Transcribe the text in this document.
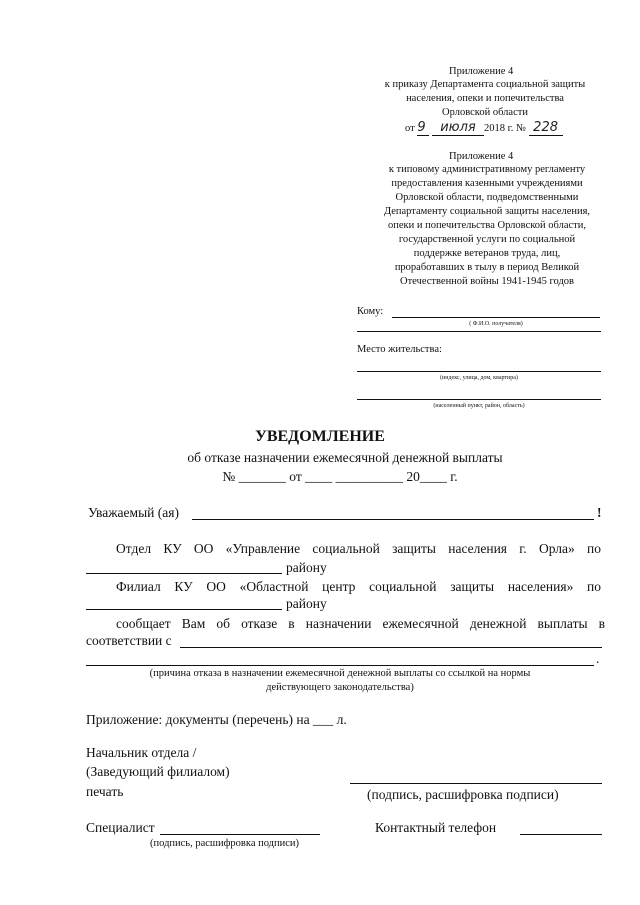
Приложение 4
к приказу Департамента социальной защиты
населения, опеки и попечительства
Орловской области
от 9 июля 2018 г. № 228
Приложение 4
к типовому административному регламенту
предоставления казенными учреждениями
Орловской области, подведомственными
Департаменту социальной защиты населения,
опеки и попечительства Орловской области,
государственной услуги по социальной
поддержке ветеранов труда, лиц,
проработавших в тылу в период Великой
Отечественной войны 1941-1945 годов
Кому:
( Ф.И.О. получателя)
Место жительства:
(индекс, улица, дом, квартира)
(населенный пункт, район, область)
УВЕДОМЛЕНИЕ
об отказе назначении ежемесячной денежной выплаты
№ _______ от ____ __________ 20____ г.
Уважаемый (ая)	!
Отдел КУ ОО «Управление социальной защиты населения г. Орла» по
районy
Филиал КУ ОО «Областной центр социальной защиты населения» по
районy
сообщает Вам об отказе в назначении ежемесячной денежной выплаты в
соответствии с
.
(причина отказа в назначении ежемесячной денежной выплаты со ссылкой на нормы
действующего законодательства)
Приложение: документы (перечень) на ___ л.
Начальник отдела /
(Заведующий филиалом)
печать	(подпись, расшифровка подписи)
Специалист
(подпись, расшифровка подписи)
Контактный телефон
